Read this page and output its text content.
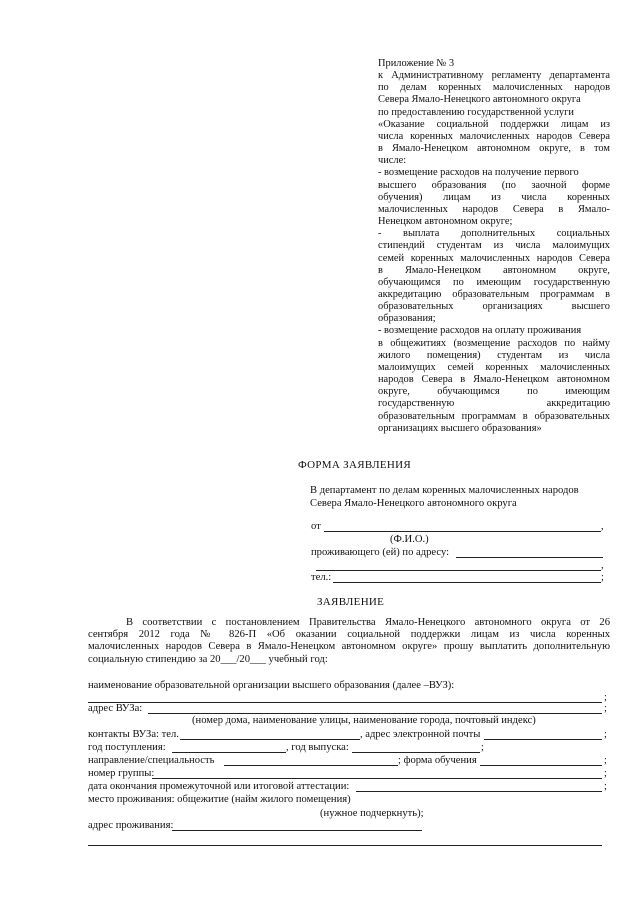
Приложение № 3
к Административному регламенту департамента
по делам коренных малочисленных народов
Севера Ямало-Ненецкого автономного округа
по предоставлению государственной услуги
«Оказание социальной поддержки лицам из
числа коренных малочисленных народов Севера
в Ямало-Ненецком автономном округе, в том
числе:
- возмещение расходов на получение первого
высшего образования (по заочной форме
обучения) лицам из числа коренных
малочисленных народов Севера в Ямало-
Ненецком автономном округе;
- выплата дополнительных социальных
стипендий студентам из числа малоимущих
семей коренных малочисленных народов Севера
в Ямало-Ненецком автономном округе,
обучающимся по имеющим государственную
аккредитацию образовательным программам в
образовательных организациях высшего
образования;
- возмещение расходов на оплату проживания
в общежитиях (возмещение расходов по найму
жилого помещения) студентам из числа
малоимущих семей коренных малочисленных
народов Севера в Ямало-Ненецком автономном
округе, обучающимся по имеющим
государственную аккредитацию
образовательным программам в образовательных
организациях высшего образования»
ФОРМА ЗАЯВЛЕНИЯ
В департамент по делам коренных малочисленных народов
Севера Ямало-Ненецкого автономного округа
от	,
(Ф.И.О.)
проживающего (ей) по адресу:
,
тел.:	;
ЗАЯВЛЕНИЕ
В соответствии с постановлением Правительства Ямало-Ненецкого автономного округа от 26
сентября 2012 года № 826-П «Об оказании социальной поддержки лицам из числа коренных
малочисленных народов Севера в Ямало-Ненецком автономном округе» прошу выплатить дополнительную
социальную стипендию за 20___/20___ учебный год:
наименование образовательной организации высшего образования (далее –ВУЗ):
;
адрес ВУЗа:	;
(номер дома, наименование улицы, наименование города, почтовый индекс)
контакты ВУЗа: тел.	, адрес электронной почты	;
год поступления:	, год выпуска:	;
направление/специальность	; форма обучения	;
номер группы:	;
дата окончания промежуточной или итоговой аттестации:	;
место проживания: общежитие (найм жилого помещения)
(нужное подчеркнуть);
адрес проживания:
